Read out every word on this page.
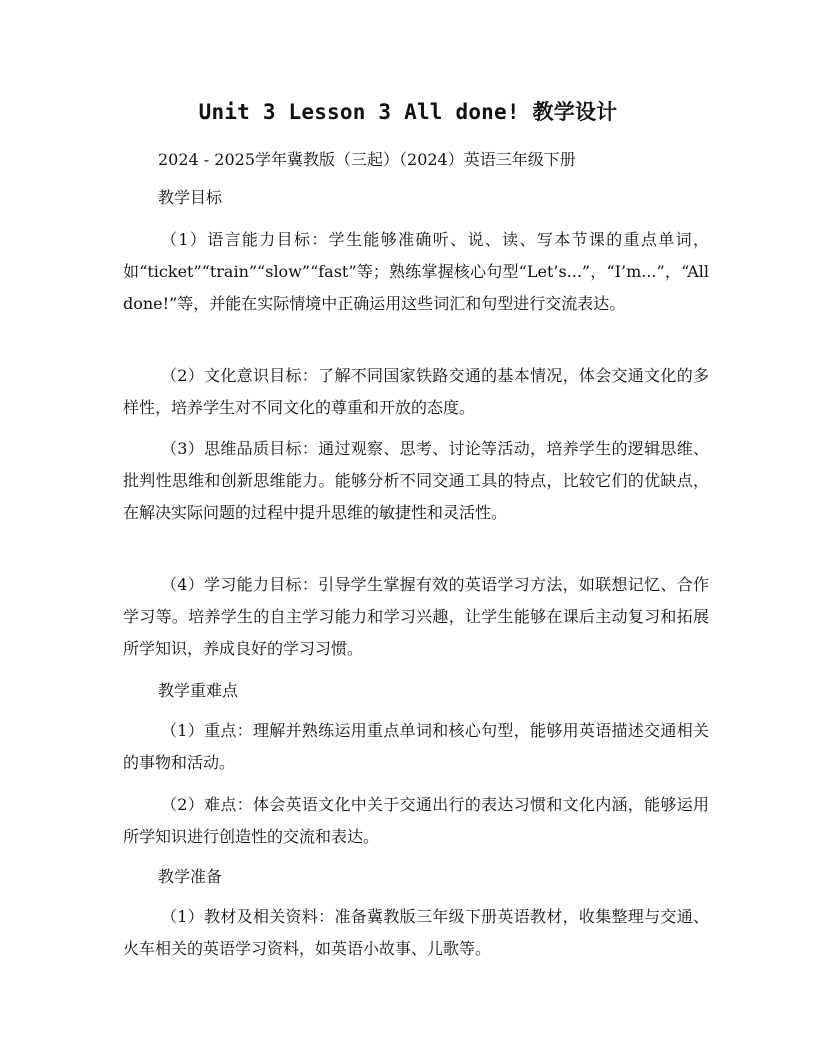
Unit 3 Lesson 3 All done! 教学设计
2024 - 2025学年冀教版（三起）（2024）英语三年级下册
教学目标
（1）语言能力目标：学生能够准确听、说、读、写本节课的重点单词，如“ticket”“train”“slow”“fast”等；熟练掌握核心句型“Let’s...”，“I’m...”，“All done!”等，并能在实际情境中正确运用这些词汇和句型进行交流表达。
（2）文化意识目标：了解不同国家铁路交通的基本情况，体会交通文化的多样性，培养学生对不同文化的尊重和开放的态度。
（3）思维品质目标：通过观察、思考、讨论等活动，培养学生的逻辑思维、批判性思维和创新思维能力。能够分析不同交通工具的特点，比较它们的优缺点，在解决实际问题的过程中提升思维的敏捷性和灵活性。
（4）学习能力目标：引导学生掌握有效的英语学习方法，如联想记忆、合作学习等。培养学生的自主学习能力和学习兴趣，让学生能够在课后主动复习和拓展所学知识，养成良好的学习习惯。
教学重难点
（1）重点：理解并熟练运用重点单词和核心句型，能够用英语描述交通相关的事物和活动。
（2）难点：体会英语文化中关于交通出行的表达习惯和文化内涵，能够运用所学知识进行创造性的交流和表达。
教学准备
（1）教材及相关资料：准备冀教版三年级下册英语教材，收集整理与交通、火车相关的英语学习资料，如英语小故事、儿歌等。
